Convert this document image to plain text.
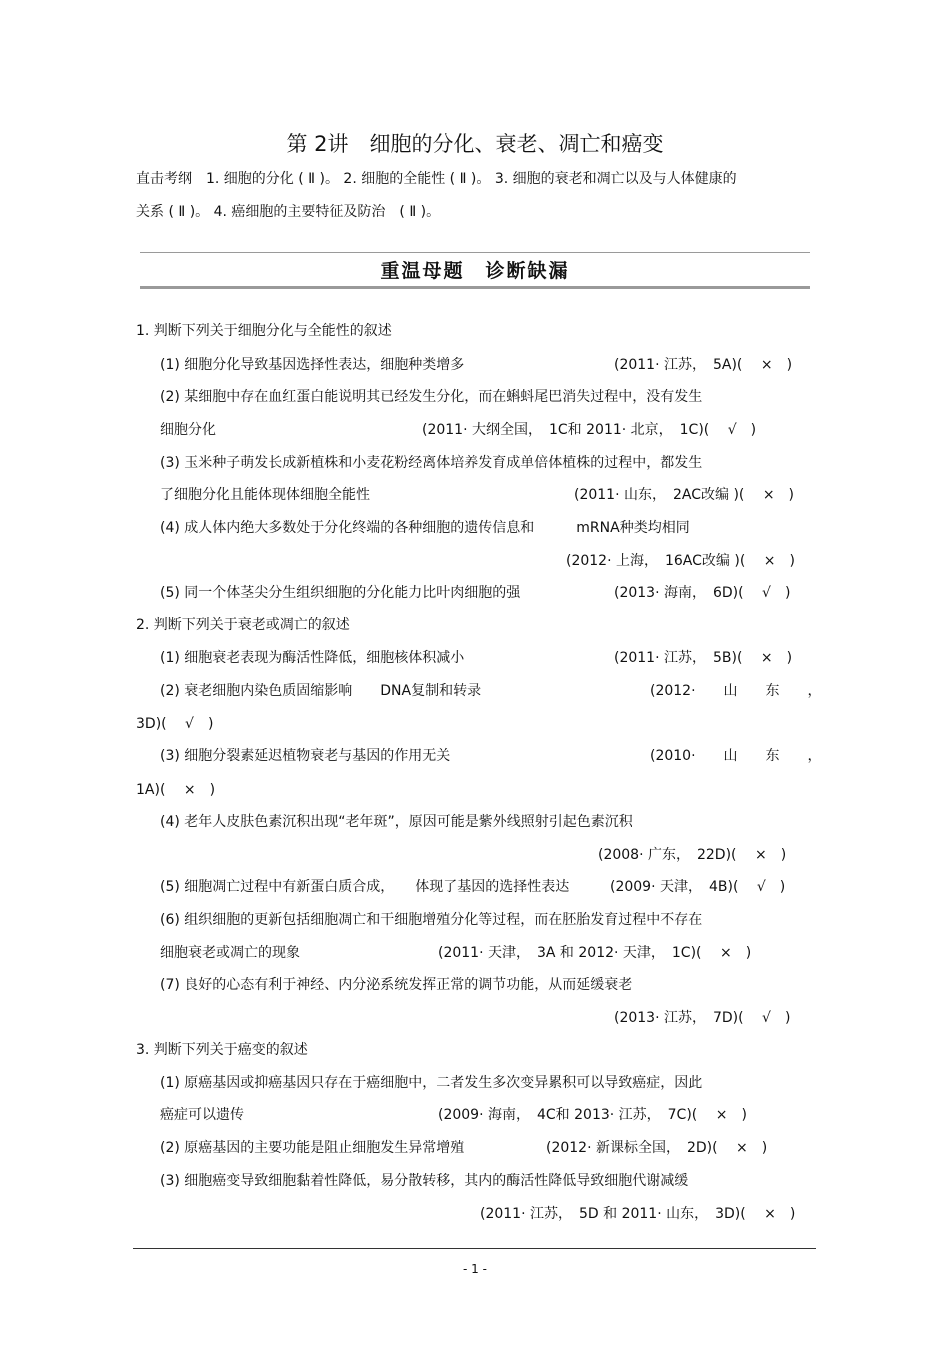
第 2讲　细胞的分化、衰老、凋亡和癌变
直击考纲　1. 细胞的分化 ( Ⅱ )。 2. 细胞的全能性 ( Ⅱ )。 3. 细胞的衰老和凋亡以及与人体健康的
关系 ( Ⅱ )。 4. 癌细胞的主要特征及防治　( Ⅱ )。
重温母题　诊断缺漏
1. 判断下列关于细胞分化与全能性的叙述
(1) 细胞分化导致基因选择性表达，细胞种类增多	(2011· 江苏，　5A)(　 ×　)
(2) 某细胞中存在血红蛋白能说明其已经发生分化，而在蝌蚪尾巴消失过程中，没有发生
细胞分化	(2011· 大纲全国，　1C和 2011· 北京，　1C)(　 √　)
(3) 玉米种子萌发长成新植株和小麦花粉经离体培养发育成单倍体植株的过程中，都发生
了细胞分化且能体现体细胞全能性	(2011· 山东，　2AC改编 )(　 ×　)
(4) 成人体内绝大多数处于分化终端的各种细胞的遗传信息和　　　mRNA种类均相同
(2012· 上海，　16AC改编 )(　 ×　)
(5) 同一个体茎尖分生组织细胞的分化能力比叶肉细胞的强	(2013· 海南，　6D)(　 √　)
2. 判断下列关于衰老或凋亡的叙述
(1) 细胞衰老表现为酶活性降低，细胞核体积减小	(2011· 江苏，　5B)(　 ×　)
(2) 衰老细胞内染色质固缩影响　　DNA复制和转录	(2012·　　山　　东　　，
3D)(　 √　)
(3) 细胞分裂素延迟植物衰老与基因的作用无关	(2010·　　山　　东　　，
1A)(　 ×　)
(4) 老年人皮肤色素沉积出现“老年斑”，原因可能是紫外线照射引起色素沉积
(2008· 广东，　22D)(　 ×　)
(5) 细胞凋亡过程中有新蛋白质合成，　　体现了基因的选择性表达	(2009· 天津，　4B)(　 √　)
(6) 组织细胞的更新包括细胞凋亡和干细胞增殖分化等过程，而在胚胎发育过程中不存在
细胞衰老或凋亡的现象	(2011· 天津，　3A 和 2012· 天津，　1C)(　 ×　)
(7) 良好的心态有利于神经、内分泌系统发挥正常的调节功能，从而延缓衰老
(2013· 江苏，　7D)(　 √　)
3. 判断下列关于癌变的叙述
(1) 原癌基因或抑癌基因只存在于癌细胞中，二者发生多次变异累积可以导致癌症，因此
癌症可以遗传	(2009· 海南，　4C和 2013· 江苏，　7C)(　 ×　)
(2) 原癌基因的主要功能是阻止细胞发生异常增殖	(2012· 新课标全国，　2D)(　 ×　)
(3) 细胞癌变导致细胞黏着性降低，易分散转移，其内的酶活性降低导致细胞代谢减缓
(2011· 江苏，　5D 和 2011· 山东，　3D)(　 ×　)
- 1 -
